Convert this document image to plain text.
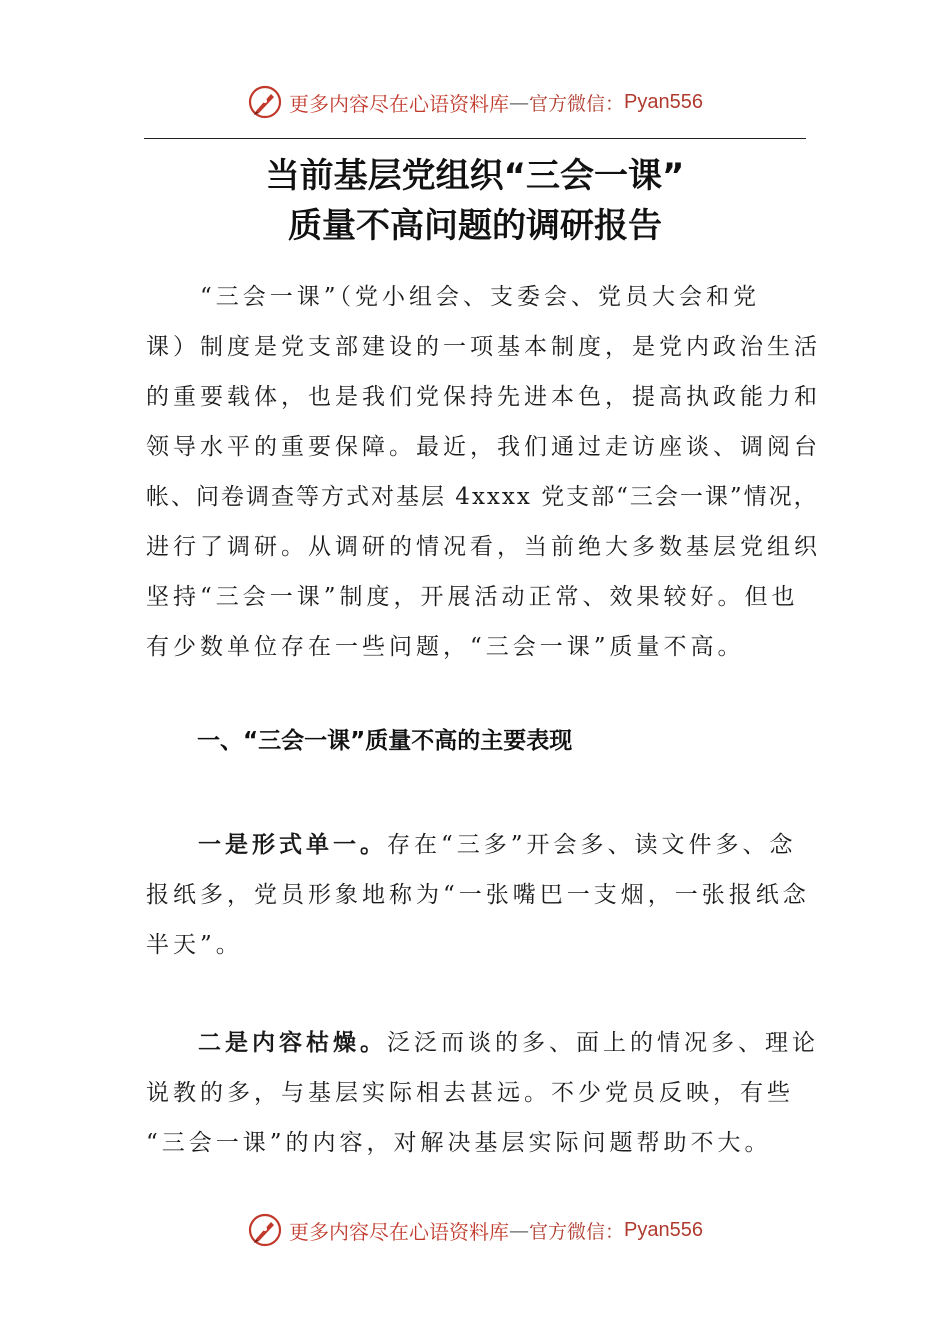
更多内容尽在心语资料库 — 官方微信： Pyan556
当前基层党组织“三会一课”
质量不高问题的调研报告
“三会一课”（党小组会、支委会、党员大会和党
课）制度是党支部建设的一项基本制度，是党内政治生活
的重要载体，也是我们党保持先进本色，提高执政能力和
领导水平的重要保障。最近，我们通过走访座谈、调阅台
帐、问卷调查等方式对基层 4xxxx 党支部“三会一课”情况，
进行了调研。从调研的情况看，当前绝大多数基层党组织
坚持“三会一课”制度，开展活动正常、效果较好。但也
有少数单位存在一些问题，“三会一课”质量不高。
一、“三会一课”质量不高的主要表现
一是形式单一。存在“三多”开会多、读文件多、念
报纸多，党员形象地称为“一张嘴巴一支烟，一张报纸念
半天”。
二是内容枯燥。泛泛而谈的多、面上的情况多、理论
说教的多，与基层实际相去甚远。不少党员反映，有些
“三会一课”的内容，对解决基层实际问题帮助不大。
更多内容尽在心语资料库 — 官方微信： Pyan556
